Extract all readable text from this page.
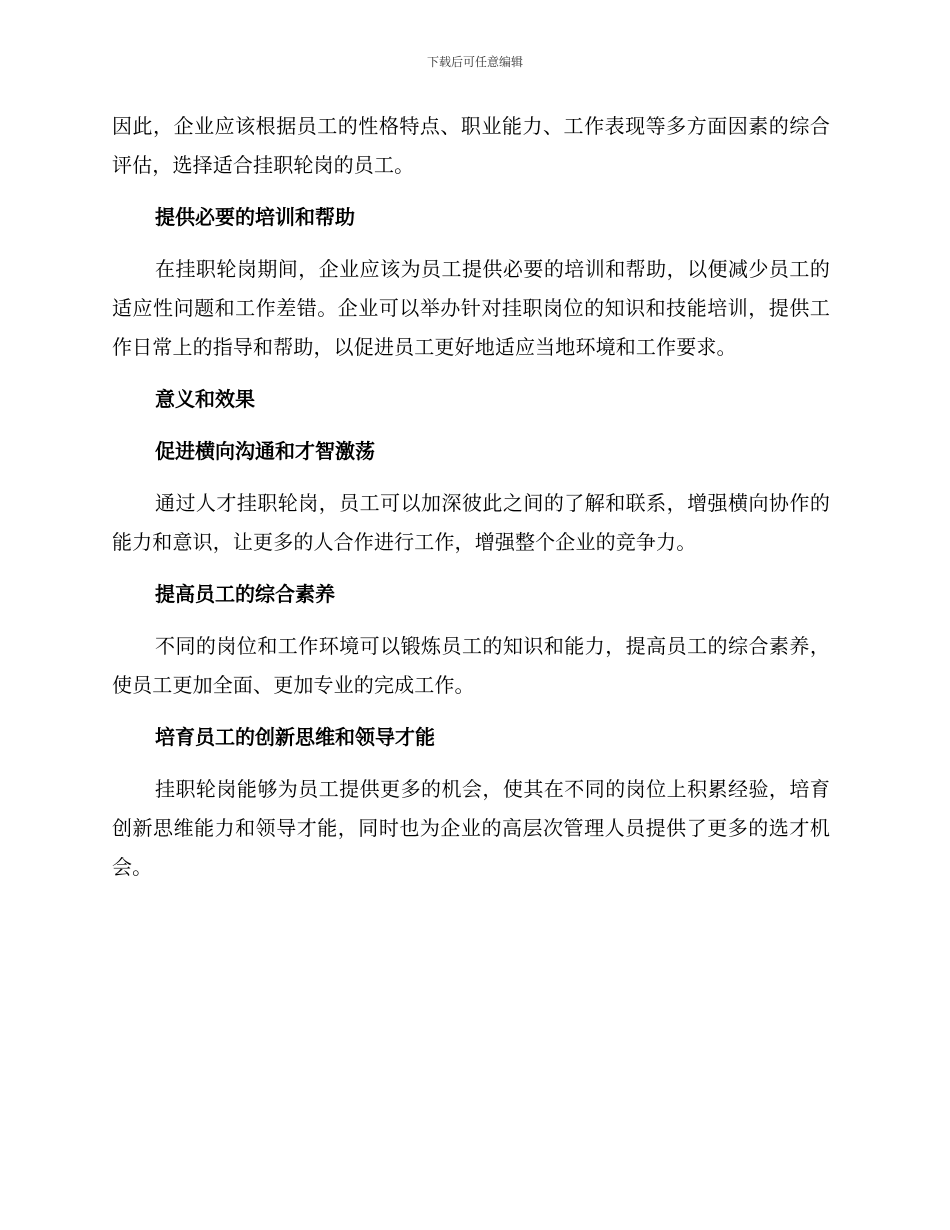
下载后可任意编辑

因此，企业应该根据员工的性格特点、职业能力、工作表现等多方面因素的综合评估，选择适合挂职轮岗的员工。

提供必要的培训和帮助

在挂职轮岗期间，企业应该为员工提供必要的培训和帮助，以便减少员工的适应性问题和工作差错。企业可以举办针对挂职岗位的知识和技能培训，提供工作日常上的指导和帮助，以促进员工更好地适应当地环境和工作要求。

意义和效果

促进横向沟通和才智激荡

通过人才挂职轮岗，员工可以加深彼此之间的了解和联系，增强横向协作的能力和意识，让更多的人合作进行工作，增强整个企业的竞争力。

提高员工的综合素养

不同的岗位和工作环境可以锻炼员工的知识和能力，提高员工的综合素养，使员工更加全面、更加专业的完成工作。

培育员工的创新思维和领导才能

挂职轮岗能够为员工提供更多的机会，使其在不同的岗位上积累经验，培育创新思维能力和领导才能，同时也为企业的高层次管理人员提供了更多的选才机会。
